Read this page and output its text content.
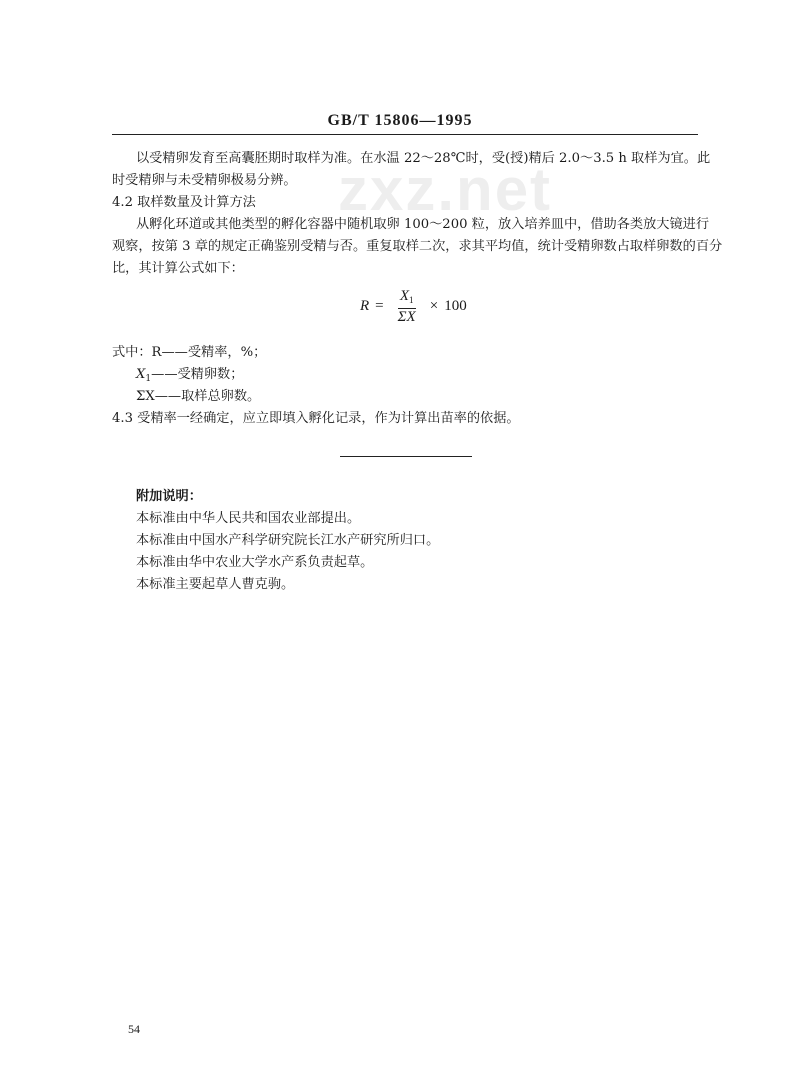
zxz.net
GB/T 15806—1995
以受精卵发育至高囊胚期时取样为准。在水温 22～28℃时，受(授)精后 2.0～3.5 h 取样为宜。此
时受精卵与未受精卵极易分辨。
4.2 取样数量及计算方法
从孵化环道或其他类型的孵化容器中随机取卵 100～200 粒，放入培养皿中，借助各类放大镜进行
观察，按第 3 章的规定正确鉴别受精与否。重复取样二次，求其平均值，统计受精卵数占取样卵数的百分
比，其计算公式如下：
$R = \frac{X_1}{\Sigma X} \times 100$
式中：R——受精率，%；
$X_1——$受精卵数；
ΣX——取样总卵数。
4.3 受精率一经确定，应立即填入孵化记录，作为计算出苗率的依据。
附加说明：
本标准由中华人民共和国农业部提出。
本标准由中国水产科学研究院长江水产研究所归口。
本标准由华中农业大学水产系负责起草。
本标准主要起草人曹克驹。
54
